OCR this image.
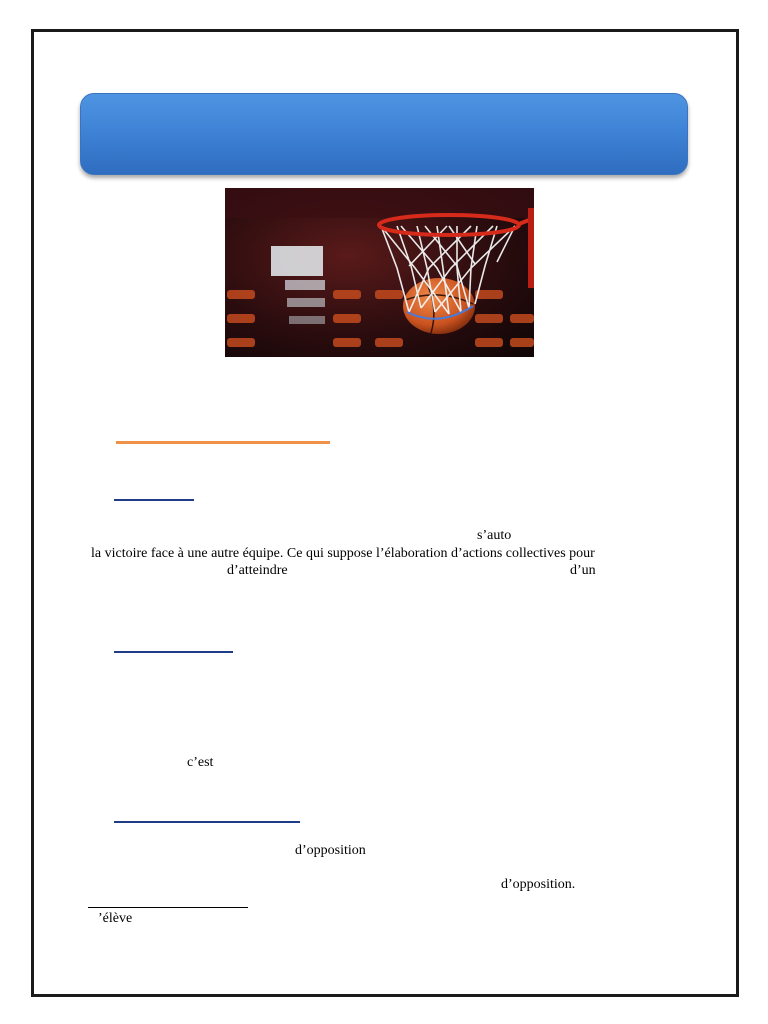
s’auto
la victoire face à une autre équipe. Ce qui suppose l’élaboration d’actions collectives pour
d’atteindre	d’un
c’est
d’opposition
d’opposition.
’élève
